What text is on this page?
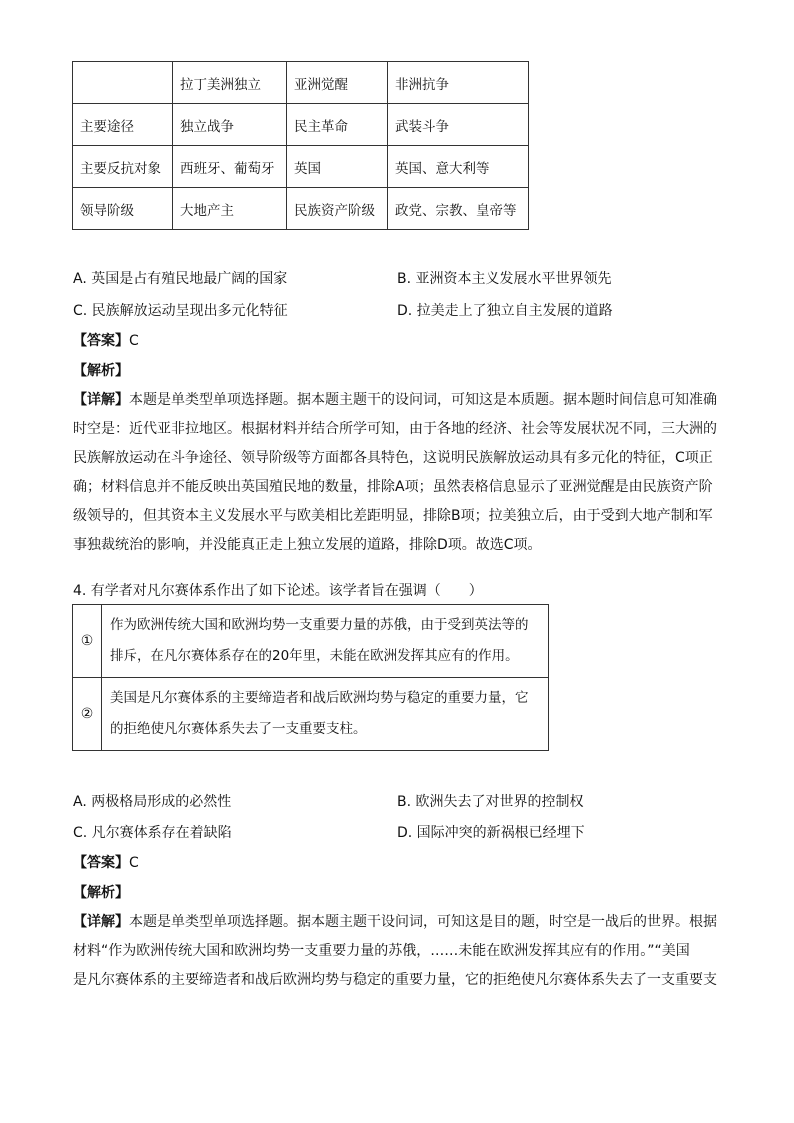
	拉丁美洲独立	亚洲觉醒	非洲抗争
主要途径	独立战争	民主革命	武装斗争
主要反抗对象	西班牙、葡萄牙	英国	英国、意大利等
领导阶级	大地产主	民族资产阶级	政党、宗教、皇帝等
A. 英国是占有殖民地最广阔的国家	B. 亚洲资本主义发展水平世界领先
C. 民族解放运动呈现出多元化特征	D. 拉美走上了独立自主发展的道路
【答案】C
【解析】
【详解】本题是单类型单项选择题。据本题主题干的设问词，可知这是本质题。据本题时间信息可知准确
时空是：近代亚非拉地区。根据材料并结合所学可知，由于各地的经济、社会等发展状况不同，三大洲的
民族解放运动在斗争途径、领导阶级等方面都各具特色，这说明民族解放运动具有多元化的特征，C项正
确；材料信息并不能反映出英国殖民地的数量，排除A项；虽然表格信息显示了亚洲觉醒是由民族资产阶
级领导的，但其资本主义发展水平与欧美相比差距明显，排除B项；拉美独立后，由于受到大地产制和军
事独裁统治的影响，并没能真正走上独立发展的道路，排除D项。故选C项。
4. 有学者对凡尔赛体系作出了如下论述。该学者旨在强调（　　）
①	作为欧洲传统大国和欧洲均势一支重要力量的苏俄，由于受到英法等的排斥，在凡尔赛体系存在的20年里，未能在欧洲发挥其应有的作用。
②	美国是凡尔赛体系的主要缔造者和战后欧洲均势与稳定的重要力量，它的拒绝使凡尔赛体系失去了一支重要支柱。
A. 两极格局形成的必然性	B. 欧洲失去了对世界的控制权
C. 凡尔赛体系存在着缺陷	D. 国际冲突的新祸根已经埋下
【答案】C
【解析】
【详解】本题是单类型单项选择题。据本题主题干设问词，可知这是目的题，时空是一战后的世界。根据
材料“作为欧洲传统大国和欧洲均势一支重要力量的苏俄，……未能在欧洲发挥其应有的作用。”“美国
是凡尔赛体系的主要缔造者和战后欧洲均势与稳定的重要力量，它的拒绝使凡尔赛体系失去了一支重要支
